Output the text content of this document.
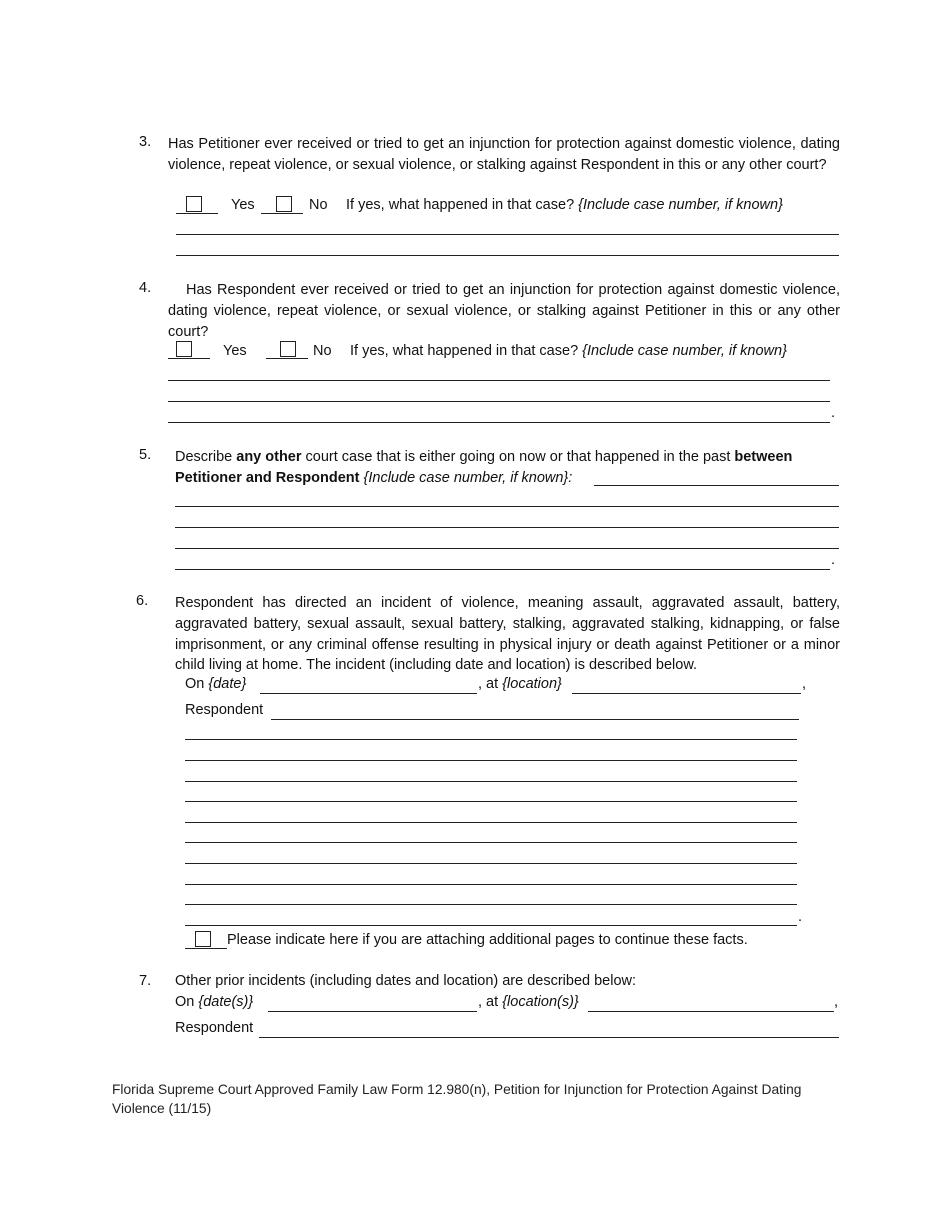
3. Has Petitioner ever received or tried to get an injunction for protection against domestic violence, dating violence, repeat violence, or sexual violence, or stalking against Respondent in this or any other court?
Yes	No If yes, what happened in that case? {Include case number, if known}
4.	Has Respondent ever received or tried to get an injunction for protection against domestic violence, dating violence, repeat violence, or sexual violence, or stalking against Petitioner in this or any other court?
Yes	No If yes, what happened in that case? {Include case number, if known}
.
5. Describe any other court case that is either going on now or that happened in the past between Petitioner and Respondent {Include case number, if known}:
.
6. Respondent has directed an incident of violence, meaning assault, aggravated assault, battery, aggravated battery, sexual assault, sexual battery, stalking, aggravated stalking, kidnapping, or false imprisonment, or any criminal offense resulting in physical injury or death against Petitioner or a minor child living at home. The incident (including date and location) is described below.
On {date}	, at {location}	,
Respondent
.
Please indicate here if you are attaching additional pages to continue these facts.
7. Other prior incidents (including dates and location) are described below:
On {date(s)}	, at {location(s)}	,
Respondent
Florida Supreme Court Approved Family Law Form 12.980(n), Petition for Injunction for Protection Against Dating Violence (11/15)
